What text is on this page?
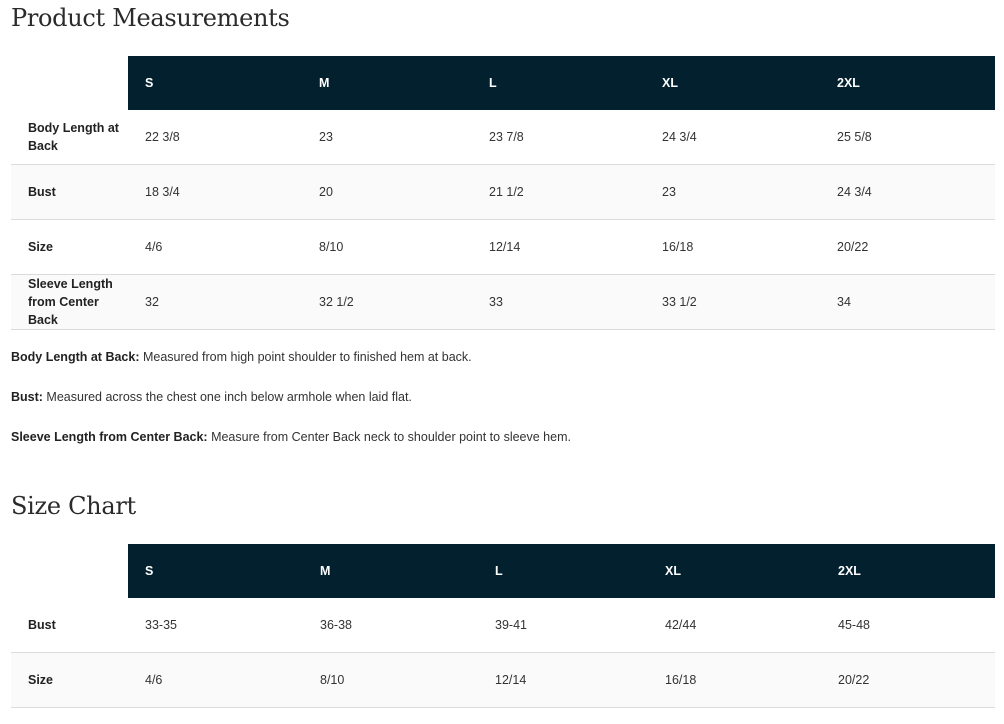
Product Measurements
	S	M	L	XL	2XL
Body Length at Back	22 3/8	23	23 7/8	24 3/4	25 5/8
Bust	18 3/4	20	21 1/2	23	24 3/4
Size	4/6	8/10	12/14	16/18	20/22
Sleeve Length from Center Back	32	32 1/2	33	33 1/2	34

Body Length at Back: Measured from high point shoulder to finished hem at back.

Bust: Measured across the chest one inch below armhole when laid flat.

Sleeve Length from Center Back: Measure from Center Back neck to shoulder point to sleeve hem.

Size Chart
	S	M	L	XL	2XL
Bust	33-35	36-38	39-41	42/44	45-48
Size	4/6	8/10	12/14	16/18	20/22
